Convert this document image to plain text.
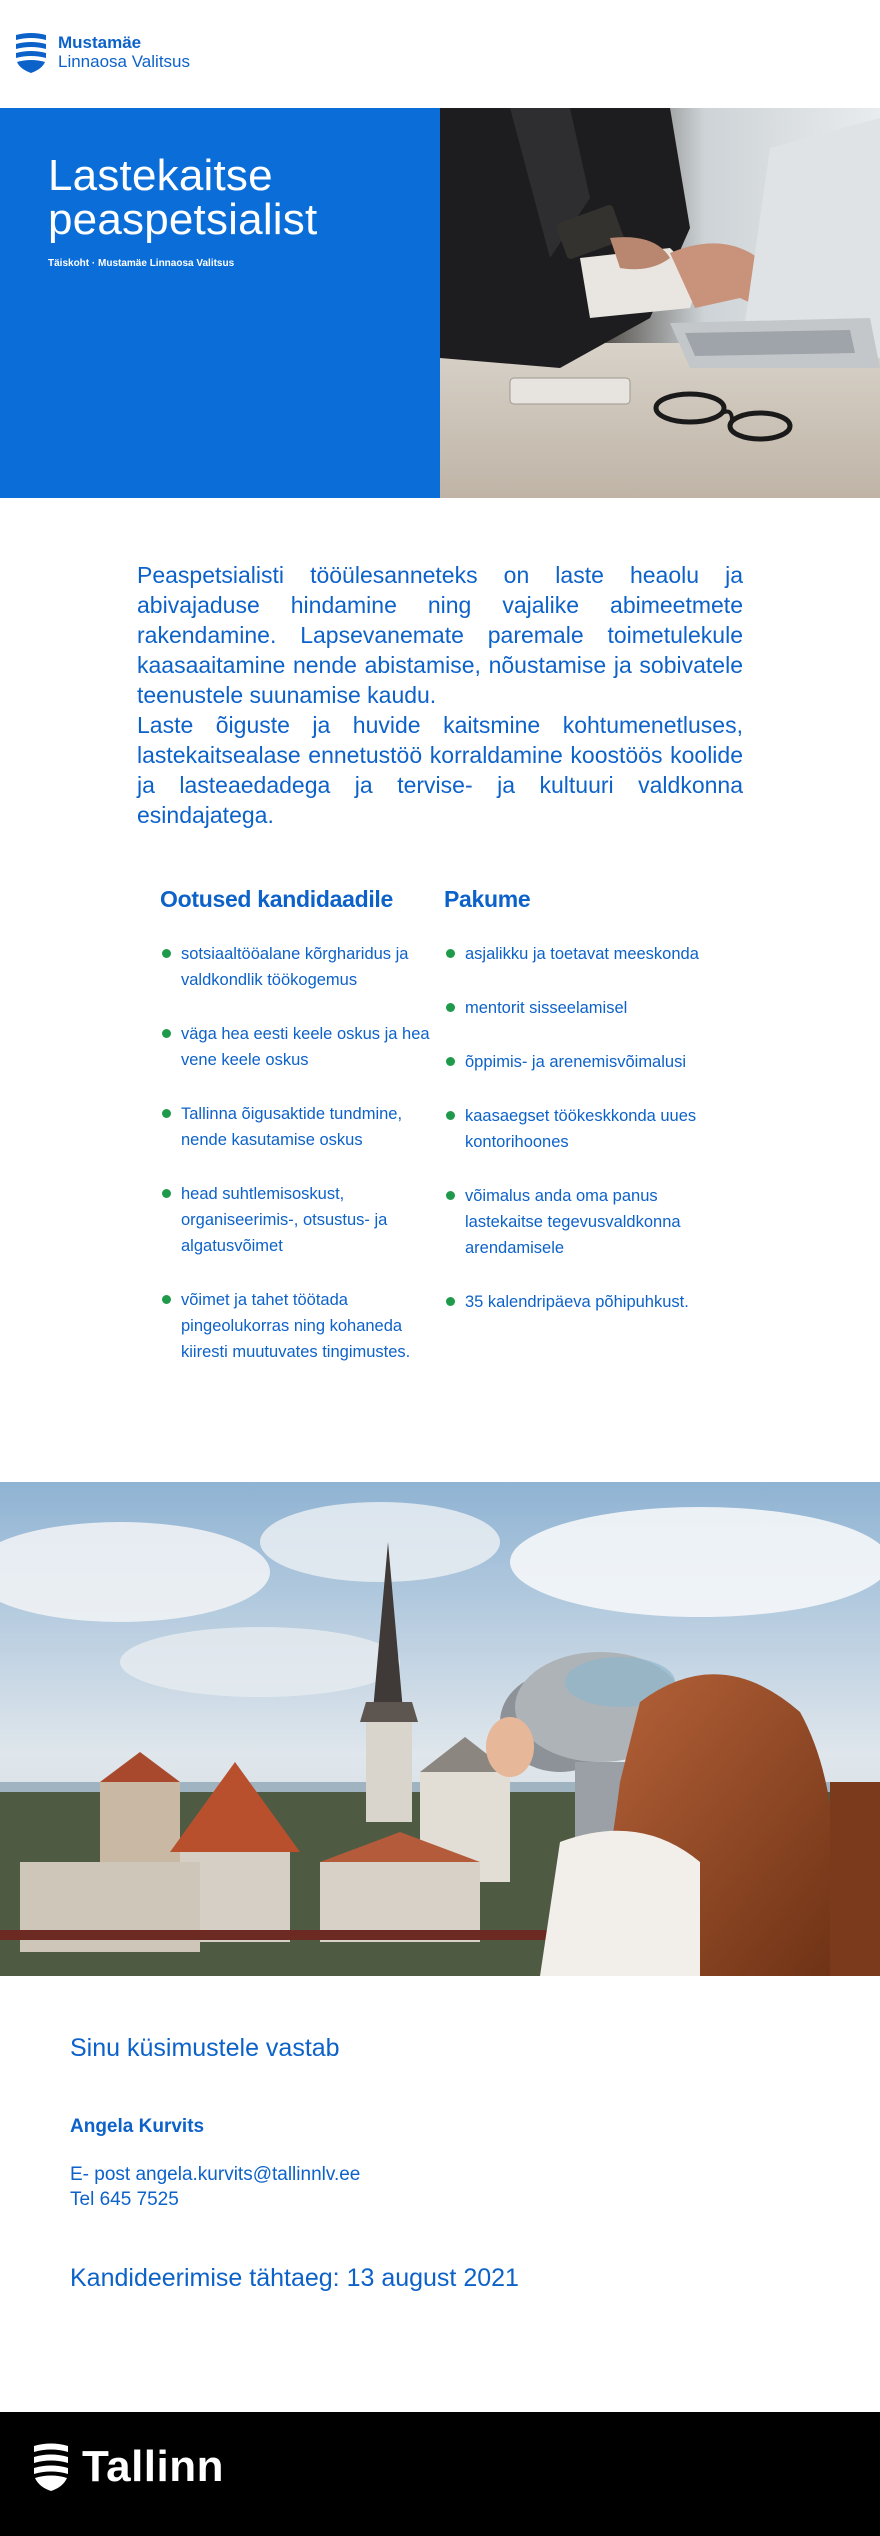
Mustamäe
Linnaosa Valitsus
Lastekaitse
peaspetsialist
Täiskoht · Mustamäe Linnaosa Valitsus

Peaspetsialisti tööülesanneteks on laste heaolu ja abivajaduse hindamine ning vajalike abimeetmete rakendamine. Lapsevanemate paremale toimetulekule kaasaaitamine nende abistamise, nõustamise ja sobivatele teenustele suunamise kaudu.

Laste õiguste ja huvide kaitsmine kohtumenetluses, lastekaitsealase ennetustöö korraldamine koostöös koolide ja lasteaedadega ja tervise- ja kultuuri valdkonna esindajatega.

Ootused kandidaadile
sotsiaaltööalane kõrgharidus ja valdkondlik töökogemus
väga hea eesti keele oskus ja hea vene keele oskus
Tallinna õigusaktide tundmine, nende kasutamise oskus
head suhtlemisoskust, organiseerimis-, otsustus- ja algatusvõimet
võimet ja tahet töötada pingeolukorras ning kohaneda kiiresti muutuvates tingimustes.
Pakume
asjalikku ja toetavat meeskonda
mentorit sisseelamisel
õppimis- ja arenemisvõimalusi
kaasaegset töökeskkonda uues kontorihoones
võimalus anda oma panus lastekaitse tegevusvaldkonna arendamisele
35 kalendripäeva põhipuhkust.
Sinu küsimustele vastab
Angela Kurvits
E- post angela.kurvits@tallinnlv.ee
Tel 645 7525
Kandideerimise tähtaeg: 13 august 2021
Tallinn
